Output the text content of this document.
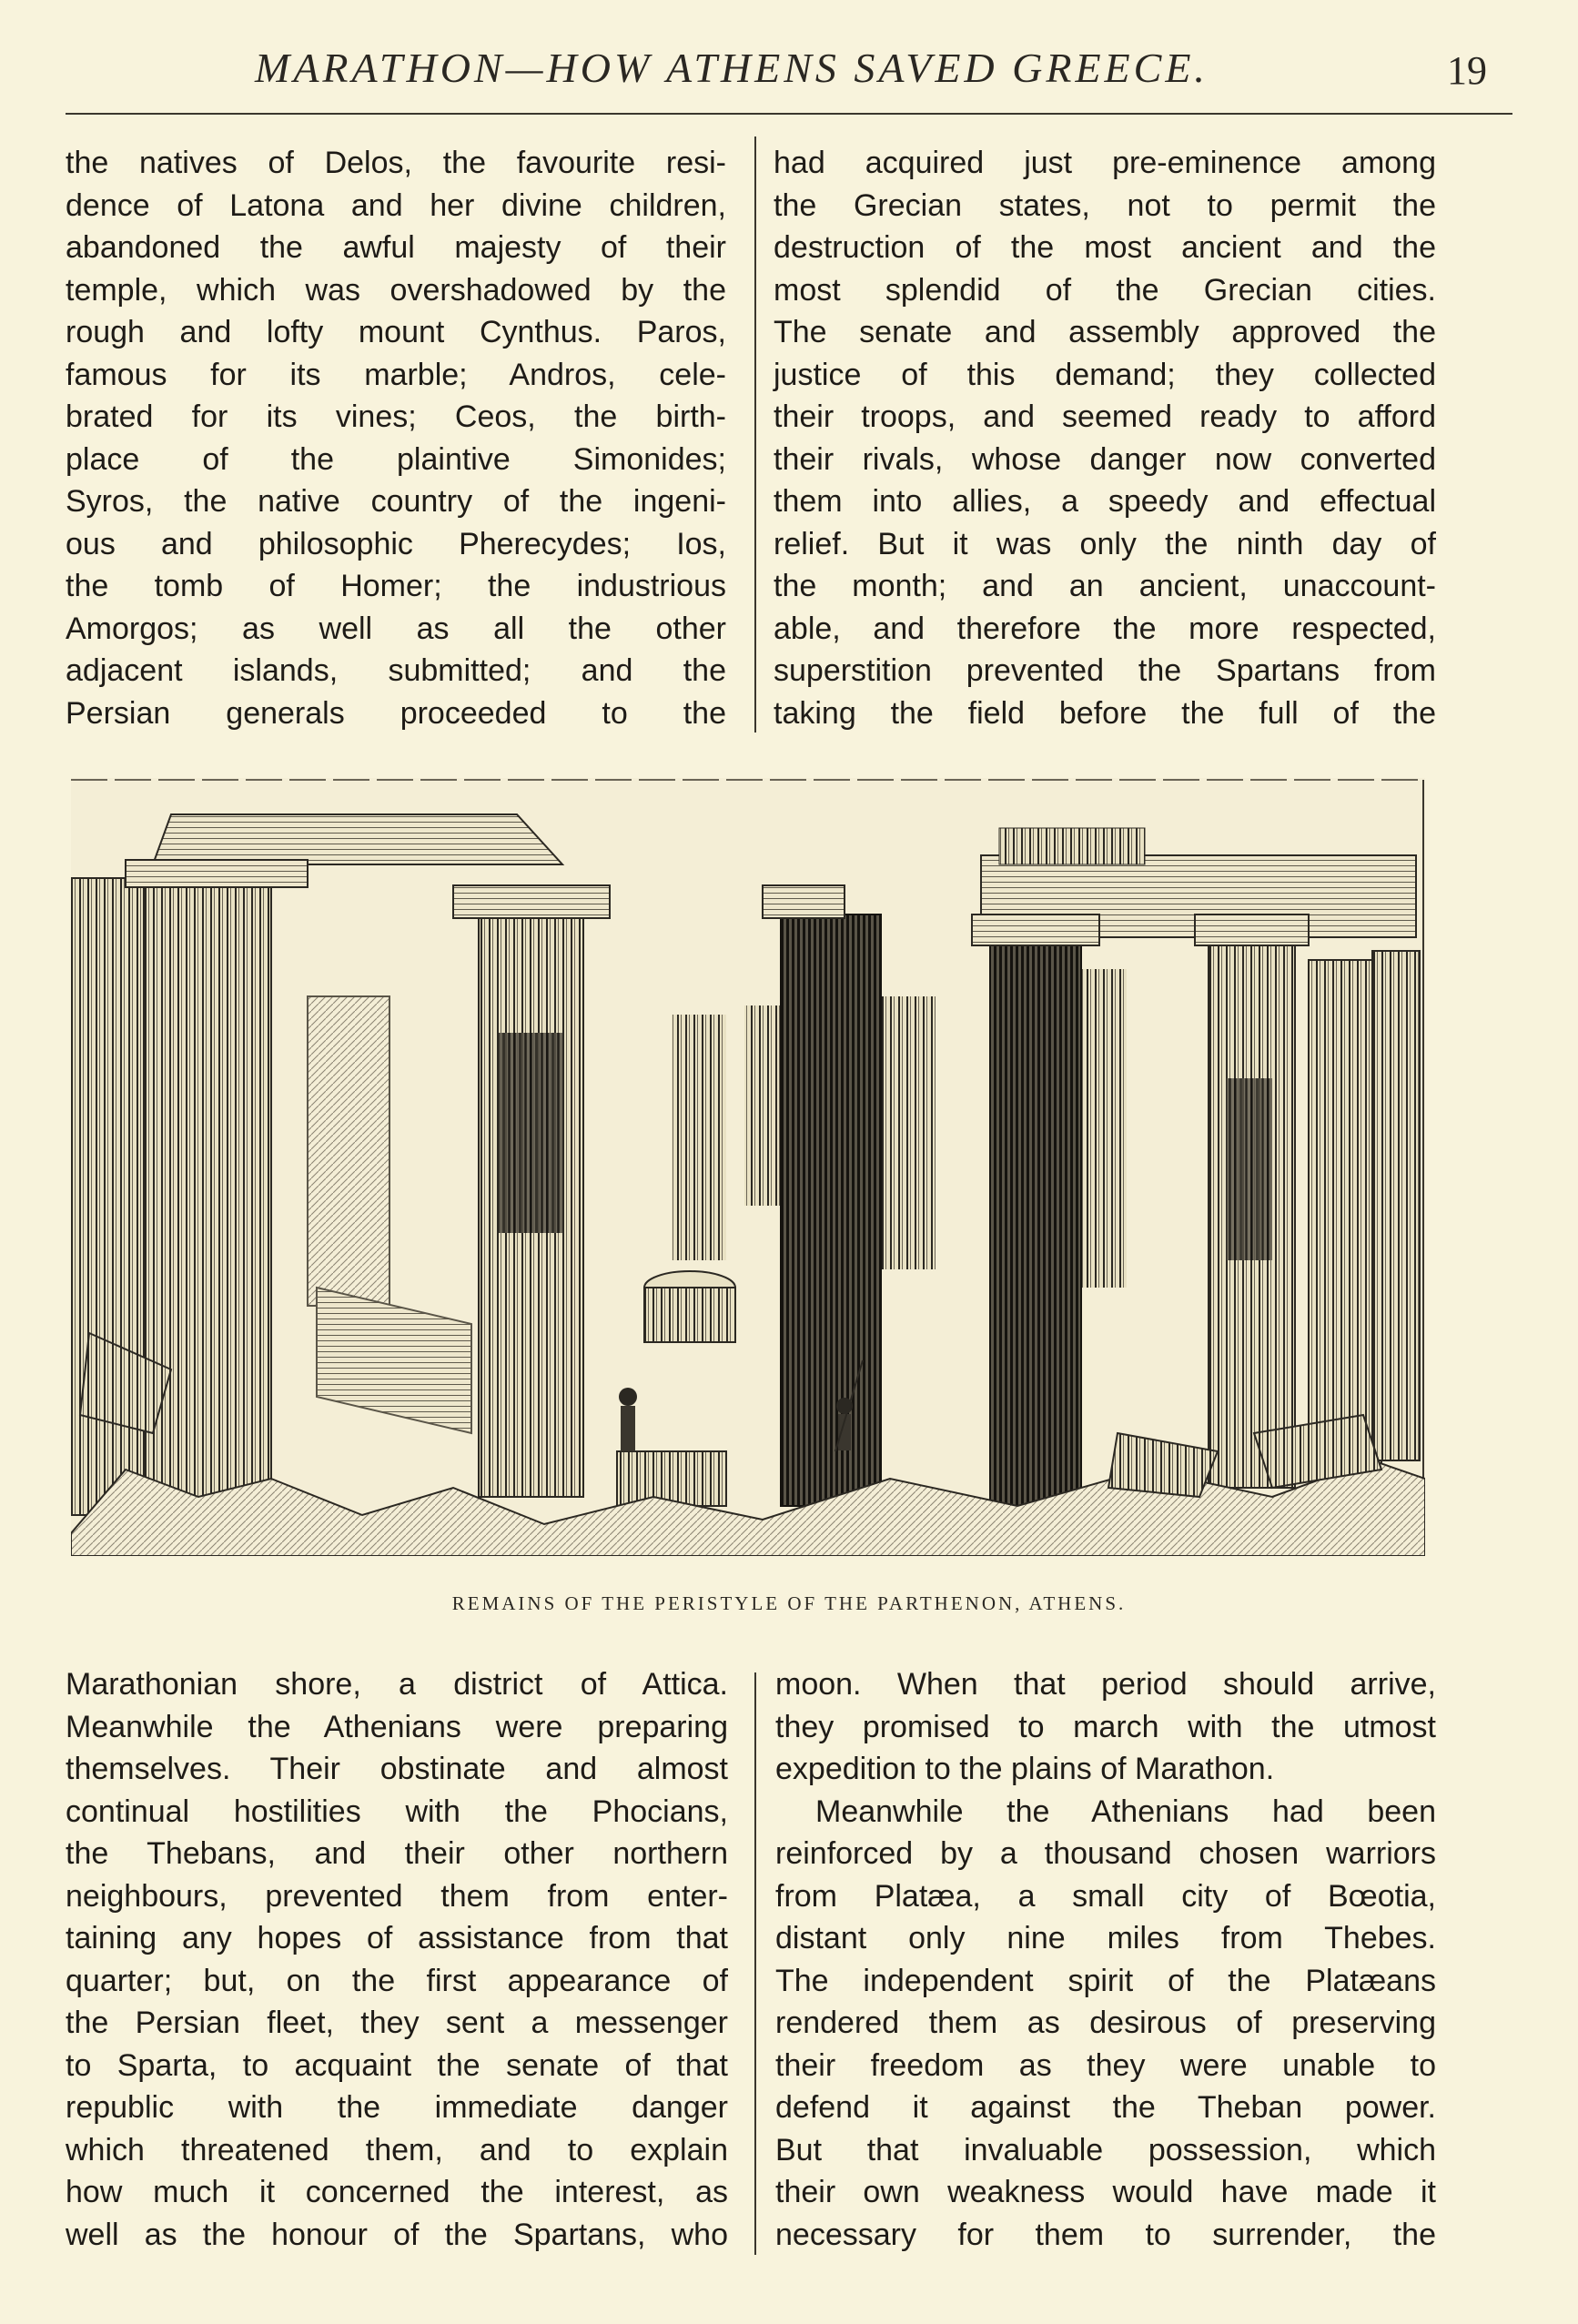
MARATHON—HOW ATHENS SAVED GREECE.	19

the natives of Delos, the favourite resi-

dence of Latona and her divine children,

abandoned the awful majesty of their

temple, which was overshadowed by the

rough and lofty mount Cynthus. Paros,

famous for its marble; Andros, cele-

brated for its vines; Ceos, the birth-

place of the plaintive Simonides;

Syros, the native country of the ingeni-

ous and philosophic Pherecydes; Ios,

the tomb of Homer; the industrious

Amorgos; as well as all the other

adjacent islands, submitted; and the

Persian generals proceeded to the

had acquired just pre-eminence among

the Grecian states, not to permit the

destruction of the most ancient and the

most splendid of the Grecian cities.

The senate and assembly approved the

justice of this demand; they collected

their troops, and seemed ready to afford

their rivals, whose danger now converted

them into allies, a speedy and effectual

relief. But it was only the ninth day of

the month; and an ancient, unaccount-

able, and therefore the more respected,

superstition prevented the Spartans from

taking the field before the full of the

REMAINS OF THE PERISTYLE OF THE PARTHENON, ATHENS.

Marathonian shore, a district of Attica.

Meanwhile the Athenians were preparing

themselves. Their obstinate and almost

continual hostilities with the Phocians,

the Thebans, and their other northern

neighbours, prevented them from enter-

taining any hopes of assistance from that

quarter; but, on the first appearance of

the Persian fleet, they sent a messenger

to Sparta, to acquaint the senate of that

republic with the immediate danger

which threatened them, and to explain

how much it concerned the interest, as

well as the honour of the Spartans, who

moon. When that period should arrive,

they promised to march with the utmost

expedition to the plains of Marathon.

Meanwhile the Athenians had been

reinforced by a thousand chosen warriors

from Platæa, a small city of Bœotia,

distant only nine miles from Thebes.

The independent spirit of the Platæans

rendered them as desirous of preserving

their freedom as they were unable to

defend it against the Theban power.

But that invaluable possession, which

their own weakness would have made it

necessary for them to surrender, the
